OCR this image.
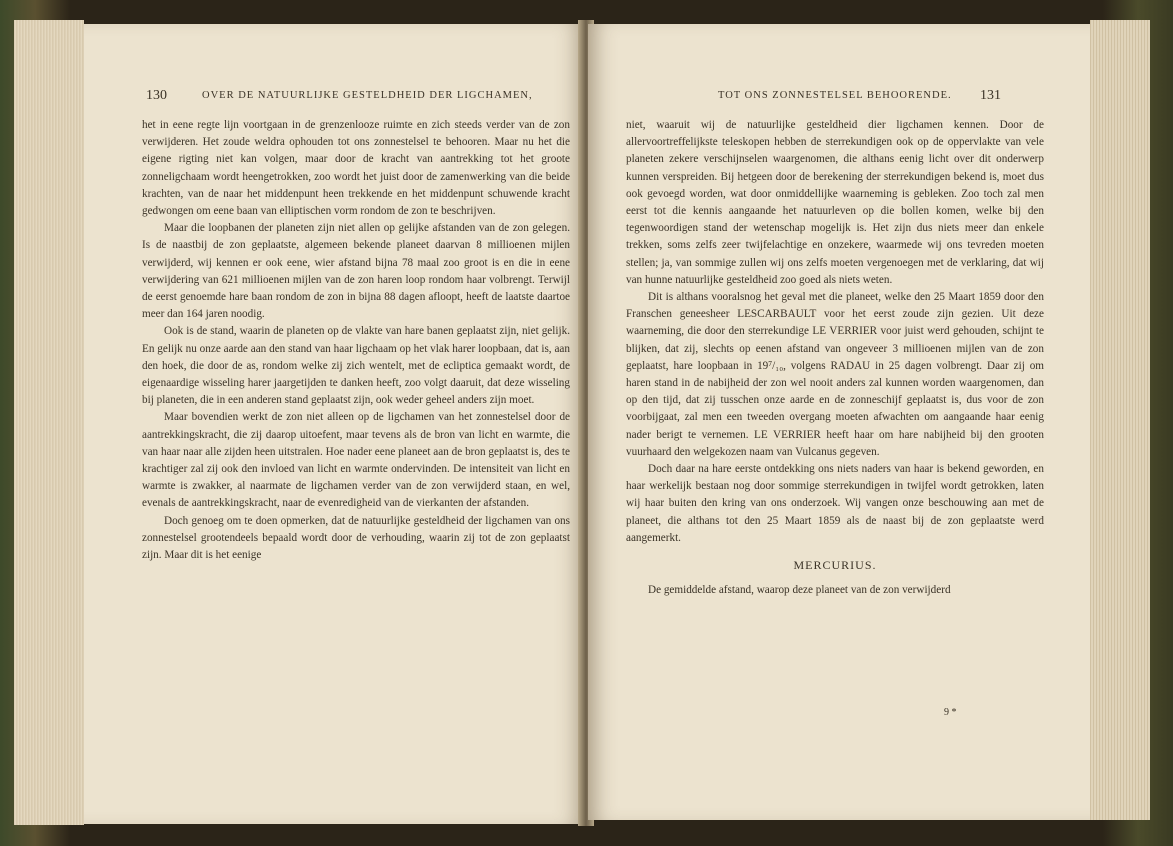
130	OVER DE NATUURLIJKE GESTELDHEID DER LIGCHAMEN,

het in eene regte lijn voortgaan in de grenzenlooze ruimte en zich steeds verder van de zon verwijderen. Het zoude weldra ophouden tot ons zonnestelsel te behooren. Maar nu het die eigene rigting niet kan volgen, maar door de kracht van aantrekking tot het groote zonneligchaam wordt heengetrokken, zoo wordt het juist door de zamenwerking van die beide krachten, van de naar het middenpunt heen trekkende en het middenpunt schuwende kracht gedwongen om eene baan van elliptischen vorm rondom de zon te beschrijven.

Maar die loopbanen der planeten zijn niet allen op gelijke afstanden van de zon gelegen. Is de naastbij de zon geplaatste, algemeen bekende planeet daarvan 8 millioenen mijlen verwijderd, wij kennen er ook eene, wier afstand bijna 78 maal zoo groot is en die in eene verwijdering van 621 millioenen mijlen van de zon haren loop rondom haar volbrengt. Terwijl de eerst genoemde hare baan rondom de zon in bijna 88 dagen afloopt, heeft de laatste daartoe meer dan 164 jaren noodig.

Ook is de stand, waarin de planeten op de vlakte van hare banen geplaatst zijn, niet gelijk. En gelijk nu onze aarde aan den stand van haar ligchaam op het vlak harer loopbaan, dat is, aan den hoek, die door de as, rondom welke zij zich wentelt, met de eclipticа gemaakt wordt, de eigenaardige wisseling harer jaargetijden te danken heeft, zoo volgt daaruit, dat deze wisseling bij planeten, die in een anderen stand geplaatst zijn, ook weder geheel anders zijn moet.

Maar bovendien werkt de zon niet alleen op de ligchamen van het zonnestelsel door de aantrekkingskracht, die zij daarop uitoefent, maar tevens als de bron van licht en warmte, die van haar naar alle zijden heen uitstralen. Hoe nader eene planeet aan de bron geplaatst is, des te krachtiger zal zij ook den invloed van licht en warmte ondervinden. De intensiteit van licht en warmte is zwakker, al naarmate de ligchamen verder van de zon verwijderd staan, en wel, evenals de aantrekkingskracht, naar de evenredigheid van de vierkanten der afstanden.

Doch genoeg om te doen opmerken, dat de natuurlijke gesteldheid der ligchamen van ons zonnestelsel grootendeels bepaald wordt door de verhouding, waarin zij tot de zon geplaatst zijn. Maar dit is het eenige

TOT ONS ZONNESTELSEL BEHOORENDE. 131

niet, waaruit wij de natuurlijke gesteldheid dier ligchamen kennen. Door de allervoortreffelijkste teleskopen hebben de sterrekundigen ook op de oppervlakte van vele planeten zekere verschijnselen waargenomen, die althans eenig licht over dit onderwerp kunnen verspreiden. Bij hetgeen door de berekening der sterrekundigen bekend is, moet dus ook gevoegd worden, wat door onmiddellijke waarneming is gebleken. Zoo toch zal men eerst tot die kennis aangaande het natuurleven op die bollen komen, welke bij den tegenwoordigen stand der wetenschap mogelijk is. Het zijn dus niets meer dan enkele trekken, soms zelfs zeer twijfelachtige en onzekere, waarmede wij ons tevreden moeten stellen; ja, van sommige zullen wij ons zelfs moeten vergenoegen met de verklaring, dat wij van hunne natuurlijke gesteldheid zoo goed als niets weten.

Dit is althans vooralsnog het geval met die planeet, welke den 25 Maart 1859 door den Franschen geneesheer LESCARBAULT voor het eerst zoude zijn gezien. Uit deze waarneming, die door den sterrekundige LE VERRIER voor juist werd gehouden, schijnt te blijken, dat zij, slechts op eenen afstand van ongeveer 3 millioenen mijlen van de zon geplaatst, hare loopbaan in 19⁷/₁₀, volgens RADAU in 25 dagen volbrengt. Daar zij om haren stand in de nabijheid der zon wel nooit anders zal kunnen worden waargenomen, dan op den tijd, dat zij tusschen onze aarde en de zonneschijf geplaatst is, dus voor de zon voorbijgaat, zal men een tweeden overgang moeten afwachten om aangaande haar eenig nader berigt te vernemen. LE VERRIER heeft haar om hare nabijheid bij den grooten vuurhaard den welgekozen naam van Vulcanus gegeven.

Doch daar na hare eerste ontdekking ons niets naders van haar is bekend geworden, en haar werkelijk bestaan nog door sommige sterrekundigen in twijfel wordt getrokken, laten wij haar buiten den kring van ons onderzoek. Wij vangen onze beschouwing aan met de planeet, die althans tot den 25 Maart 1859 als de naast bij de zon geplaatste werd aangemerkt.

MERCURIUS.

De gemiddelde afstand, waarop deze planeet van de zon verwijderd

9 *
